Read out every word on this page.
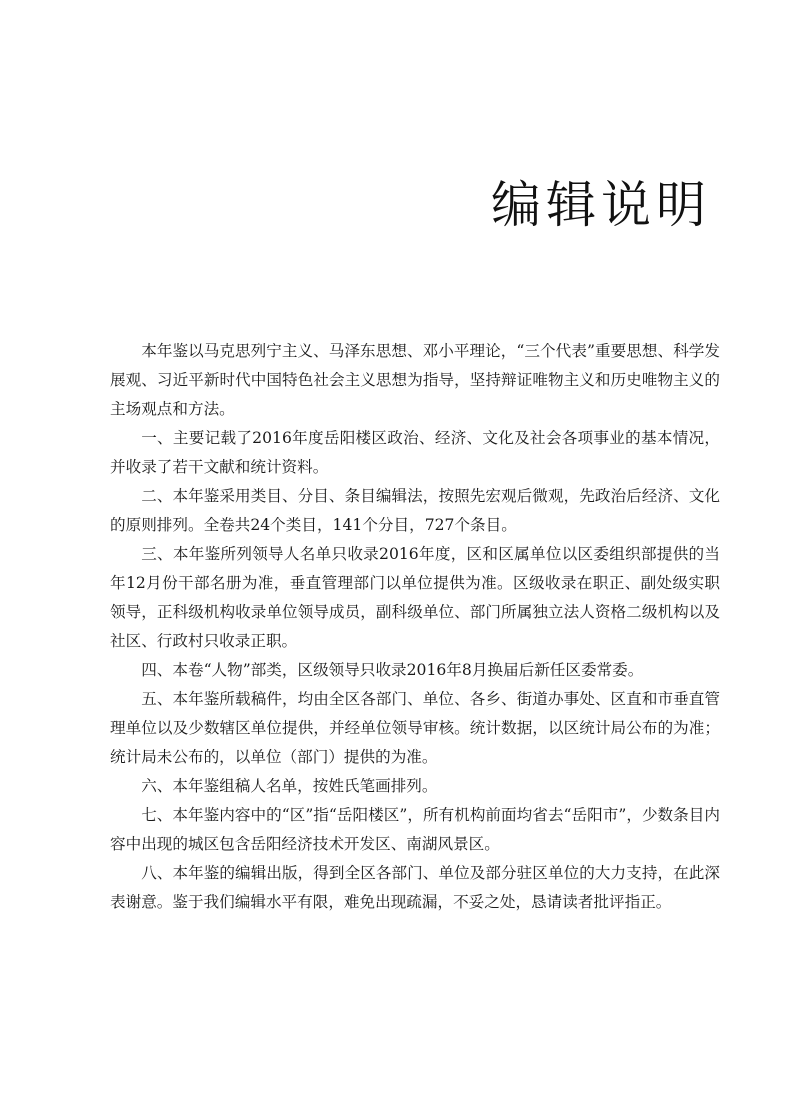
编辑说明

本年鉴以马克思列宁主义、马泽东思想、邓小平理论，“三个代表”重要思想、科学发展观、习近平新时代中国特色社会主义思想为指导，坚持辩证唯物主义和历史唯物主义的主场观点和方法。

一、主要记载了2016年度岳阳楼区政治、经济、文化及社会各项事业的基本情况，并收录了若干文献和统计资料。

二、本年鉴采用类目、分目、条目编辑法，按照先宏观后微观，先政治后经济、文化的原则排列。全卷共24个类目，141个分目，727个条目。

三、本年鉴所列领导人名单只收录2016年度，区和区属单位以区委组织部提供的当年12月份干部名册为准，垂直管理部门以单位提供为准。区级收录在职正、副处级实职领导，正科级机构收录单位领导成员，副科级单位、部门所属独立法人资格二级机构以及社区、行政村只收录正职。

四、本卷“人物”部类，区级领导只收录2016年8月换届后新任区委常委。

五、本年鉴所载稿件，均由全区各部门、单位、各乡、街道办事处、区直和市垂直管理单位以及少数辖区单位提供，并经单位领导审核。统计数据，以区统计局公布的为准；统计局未公布的，以单位（部门）提供的为准。

六、本年鉴组稿人名单，按姓氏笔画排列。

七、本年鉴内容中的“区”指“岳阳楼区”，所有机构前面均省去“岳阳市”，少数条目内容中出现的城区包含岳阳经济技术开发区、南湖风景区。

八、本年鉴的编辑出版，得到全区各部门、单位及部分驻区单位的大力支持，在此深表谢意。鉴于我们编辑水平有限，难免出现疏漏，不妥之处，恳请读者批评指正。
